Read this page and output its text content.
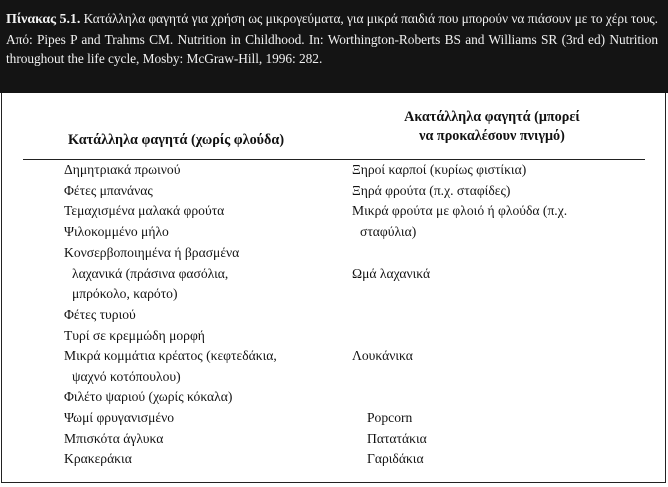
Πίνακας 5.1. Κατάλληλα φαγητά για χρήση ως μικρογεύματα, για μικρά παιδιά που μπορούν να πιάσουν με το χέρι τους. Από: Pipes P and Trahms CM. Nutrition in Childhood. In: Worthington-Roberts BS and Williams SR (3rd ed) Nutrition throughout the life cycle, Mosby: McGraw-Hill, 1996: 282.
Κατάλληλα φαγητά (χωρίς φλούδα)
Ακατάλληλα φαγητά (μπορεί
να προκαλέσουν πνιγμό)
Δημητριακά πρωινού
Φέτες μπανάνας
Τεμαχισμένα μαλακά φρούτα
Ψιλοκομμένο μήλο
Κονσερβοποιημένα ή βρασμένα
λαχανικά (πράσινα φασόλια,
μπρόκολο, καρότο)
Φέτες τυριού
Τυρί σε κρεμμώδη μορφή
Μικρά κομμάτια κρέατος (κεφτεδάκια,
ψαχνό κοτόπουλου)
Φιλέτο ψαριού (χωρίς κόκαλα)
Ψωμί φρυγανισμένο
Μπισκότα άγλυκα
Κρακεράκια
Ξηροί καρποί (κυρίως φιστίκια)
Ξηρά φρούτα (π.χ. σταφίδες)
Μικρά φρούτα με φλοιό ή φλούδα (π.χ.
σταφύλια)
Ωμά λαχανικά
Λουκάνικα
Popcorn
Πατατάκια
Γαριδάκια
